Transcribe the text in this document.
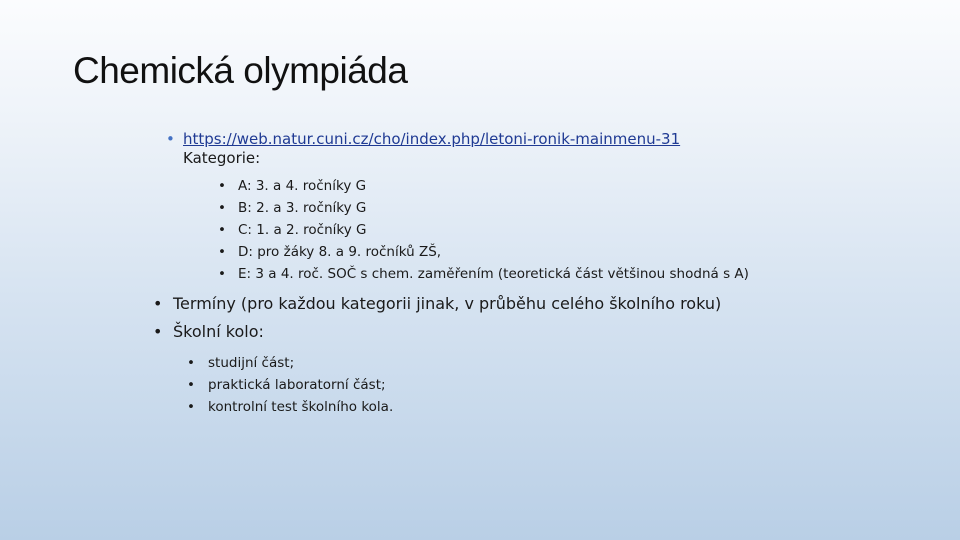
Chemická olympiáda
• https://web.natur.cuni.cz/cho/index.php/letoni-ronik-mainmenu-31
Kategorie:
• A: 3. a 4. ročníky G
• B: 2. a 3. ročníky G
• C: 1. a 2. ročníky G
• D: pro žáky 8. a 9. ročníků ZŠ,
• E: 3 a 4. roč. SOČ s chem. zaměřením (teoretická část většinou shodná s A)
• Termíny (pro každou kategorii jinak, v průběhu celého školního roku)
• Školní kolo:
• studijní část;
• praktická laboratorní část;
• kontrolní test školního kola.
